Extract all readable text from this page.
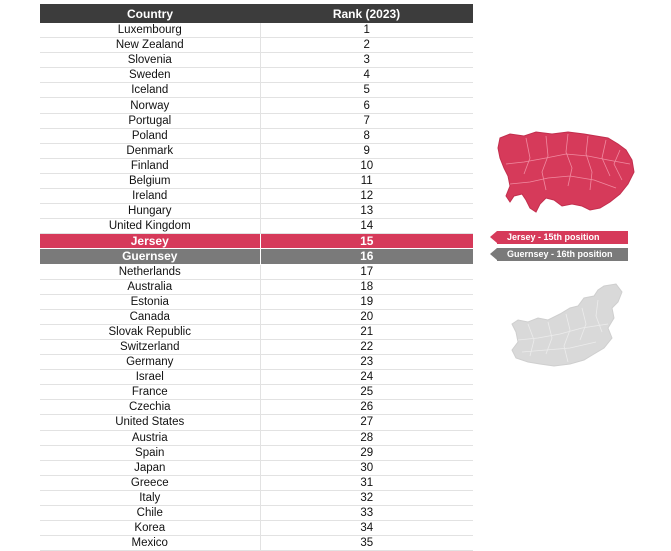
Country	Rank (2023)
Luxembourg	1
New Zealand	2
Slovenia	3
Sweden	4
Iceland	5
Norway	6
Portugal	7
Poland	8
Denmark	9
Finland	10
Belgium	11
Ireland	12
Hungary	13
United Kingdom	14
Jersey	15
Guernsey	16
Netherlands	17
Australia	18
Estonia	19
Canada	20
Slovak Republic	21
Switzerland	22
Germany	23
Israel	24
France	25
Czechia	26
United States	27
Austria	28
Spain	29
Japan	30
Greece	31
Italy	32
Chile	33
Korea	34
Mexico	35
Jersey - 15th position
Guernsey - 16th position
